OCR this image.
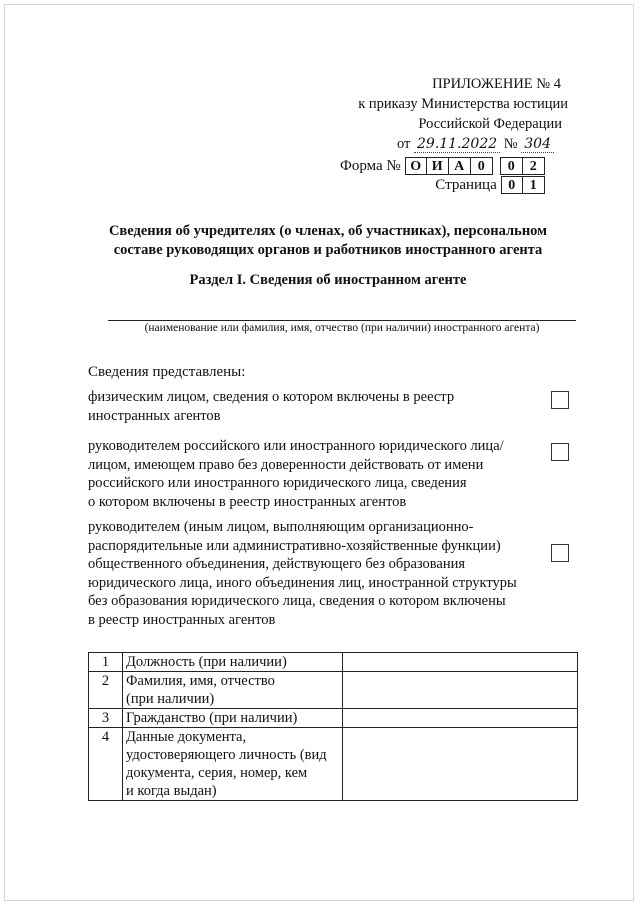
ПРИЛОЖЕНИЕ № 4
к приказу Министерства юстиции
Российской Федерации
от 29.11.2022 № 304
Форма № О И А 0	0	2
Страница 0	1
Сведения об учредителях (о членах, об участниках), персональном
составе руководящих органов и работников иностранного агента
Раздел I. Сведения об иностранном агенте
(наименование или фамилия, имя, отчество (при наличии) иностранного агента)
Сведения представлены:
физическим лицом, сведения о котором включены в реестр
иностранных агентов
руководителем российского или иностранного юридического лица/
лицом, имеющем право без доверенности действовать от имени
российского или иностранного юридического лица, сведения
о котором включены в реестр иностранных агентов
руководителем (иным лицом, выполняющим организационно-
распорядительные или административно-хозяйственные функции)
общественного объединения, действующего без образования
юридического лица, иного объединения лиц, иностранной структуры
без образования юридического лица, сведения о котором включены
в реестр иностранных агентов
1	Должность (при наличии)	

2	Фамилия, имя, отчество
(при наличии)	

3	Гражданство (при наличии)	

4	Данные документа,
удостоверяющего личность (вид
документа, серия, номер, кем
и когда выдан)	
